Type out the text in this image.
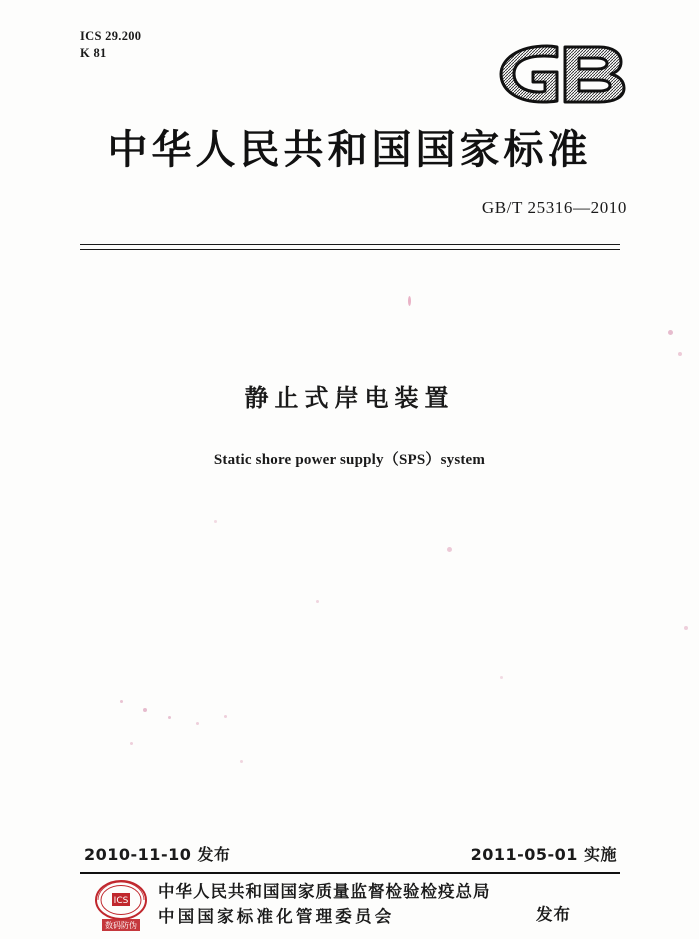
ICS 29.200
K 81
中华人民共和国国家标准
GB/T 25316—2010
静止式岸电装置
Static shore power supply（SPS）system
2010-11-10 发布	2011-05-01 实施
ICS
数码防伪
中华人民共和国国家质量监督检验检疫总局
中国国家标准化管理委员会	发布
